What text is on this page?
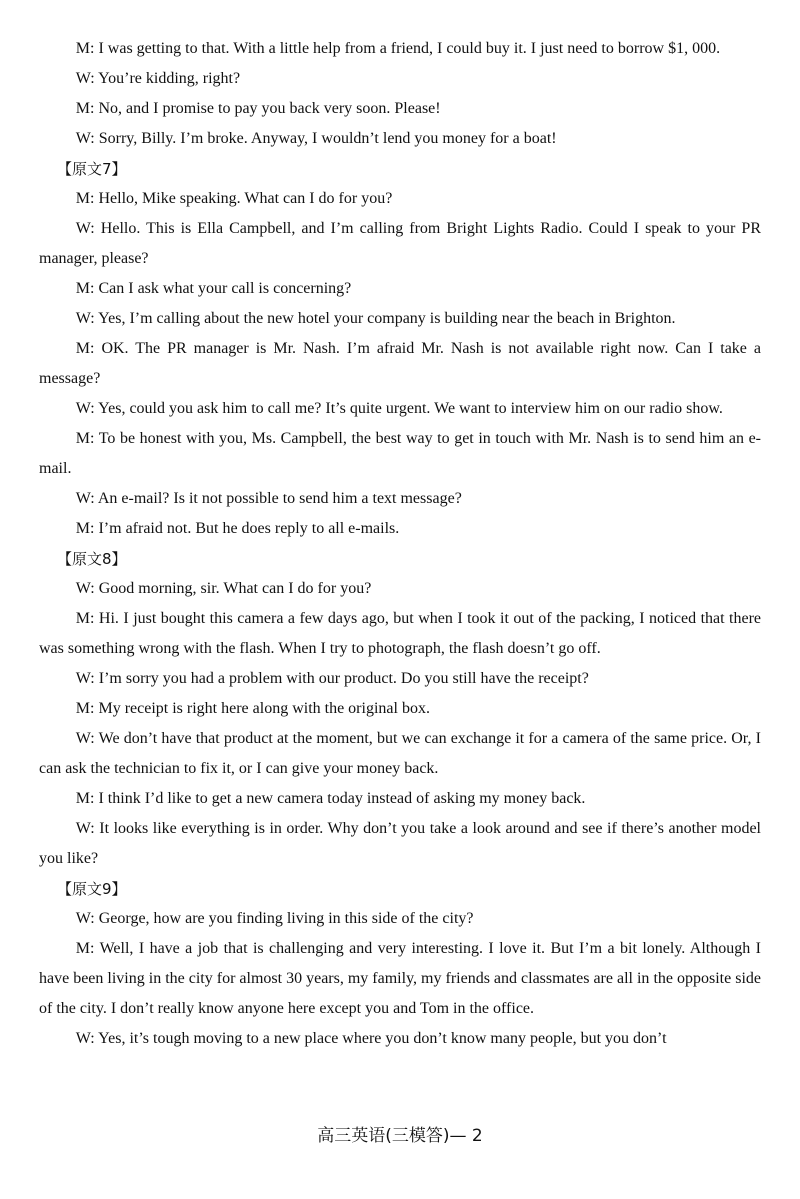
M: I was getting to that. With a little help from a friend, I could buy it. I just need to borrow $1, 000.

W: You’re kidding, right?

M: No, and I promise to pay you back very soon. Please!

W: Sorry, Billy. I’m broke. Anyway, I wouldn’t lend you money for a boat!

【原文7】

M: Hello, Mike speaking. What can I do for you?

W: Hello. This is Ella Campbell, and I’m calling from Bright Lights Radio. Could I speak to your PR manager, please?

M: Can I ask what your call is concerning?

W: Yes, I’m calling about the new hotel your company is building near the beach in Brighton.

M: OK. The PR manager is Mr. Nash. I’m afraid Mr. Nash is not available right now. Can I take a message?

W: Yes, could you ask him to call me? It’s quite urgent. We want to interview him on our radio show.

M: To be honest with you, Ms. Campbell, the best way to get in touch with Mr. Nash is to send him an e-mail.

W: An e-mail? Is it not possible to send him a text message?

M: I’m afraid not. But he does reply to all e-mails.

【原文8】

W: Good morning, sir. What can I do for you?

M: Hi. I just bought this camera a few days ago, but when I took it out of the packing, I noticed that there was something wrong with the flash. When I try to photograph, the flash doesn’t go off.

W: I’m sorry you had a problem with our product. Do you still have the receipt?

M: My receipt is right here along with the original box.

W: We don’t have that product at the moment, but we can exchange it for a camera of the same price. Or, I can ask the technician to fix it, or I can give your money back.

M: I think I’d like to get a new camera today instead of asking my money back.

W: It looks like everything is in order. Why don’t you take a look around and see if there’s another model you like?

【原文9】

W: George, how are you finding living in this side of the city?

M: Well, I have a job that is challenging and very interesting. I love it. But I’m a bit lonely. Although I have been living in the city for almost 30 years, my family, my friends and classmates are all in the opposite side of the city. I don’t really know anyone here except you and Tom in the office.

W: Yes, it’s tough moving to a new place where you don’t know many people, but you don’t

高三英语(三模答)— 2
